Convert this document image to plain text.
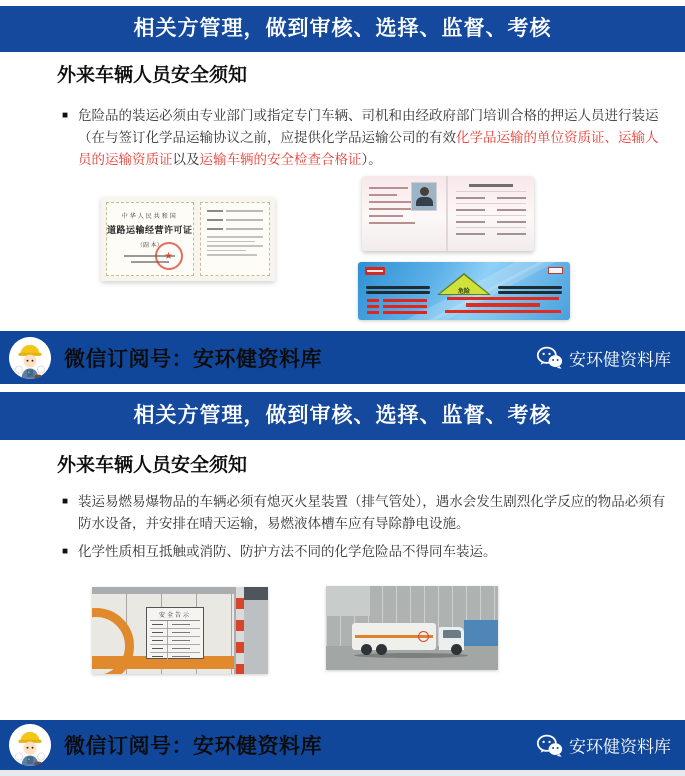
相关方管理，做到审核、选择、监督、考核
外来车辆人员安全须知
■ 危险品的装运必须由专业部门或指定专门车辆、司机和由经政府部门培训合格的押运人员进行装运（在与签订化学品运输协议之前，应提供化学品运输公司的有效化学品运输的单位资质证、运输人员的运输资质证以及运输车辆的安全检查合格证）。

中华人民共和国
道路运输经营许可证
（副 本）
★
危险
微信订阅号：安环健资料库	安环健资料库
相关方管理，做到审核、选择、监督、考核
外来车辆人员安全须知
■ 装运易燃易爆物品的车辆必须有熄灭火星装置（排气管处），遇水会发生剧烈化学反应的物品必须有防水设备，并安排在晴天运输，易燃液体槽车应有导除静电设施。

■ 化学性质相互抵触或消防、防护方法不同的化学危险品不得同车装运。

安全告示
微信订阅号：安环健资料库	安环健资料库
